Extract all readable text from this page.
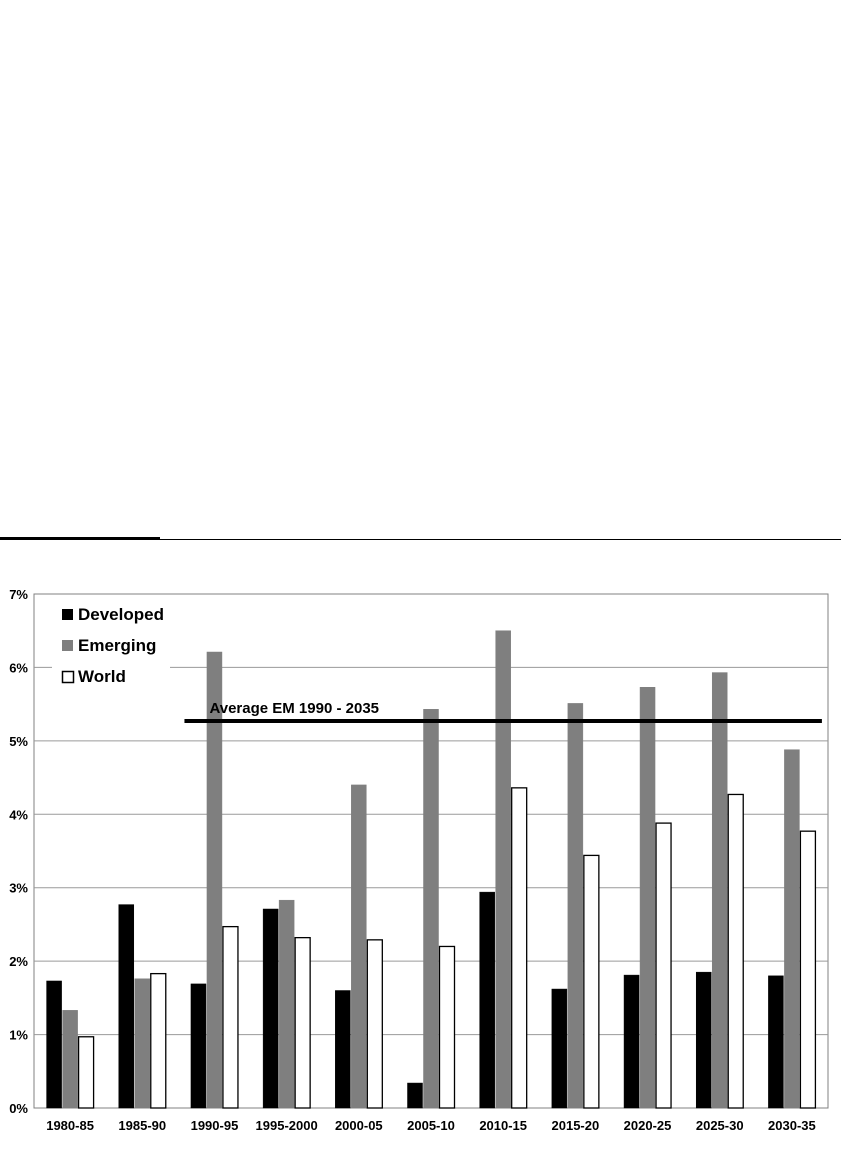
0%
1%
2%
3%
4%
5%
6%
7%
1980-85 1985-90 1990-95 1995-2000 2000-05 2005-10 2010-15 2015-20 2020-25 2025-30 2030-35
Average EM 1990 - 2035
Developed
Emerging
World
